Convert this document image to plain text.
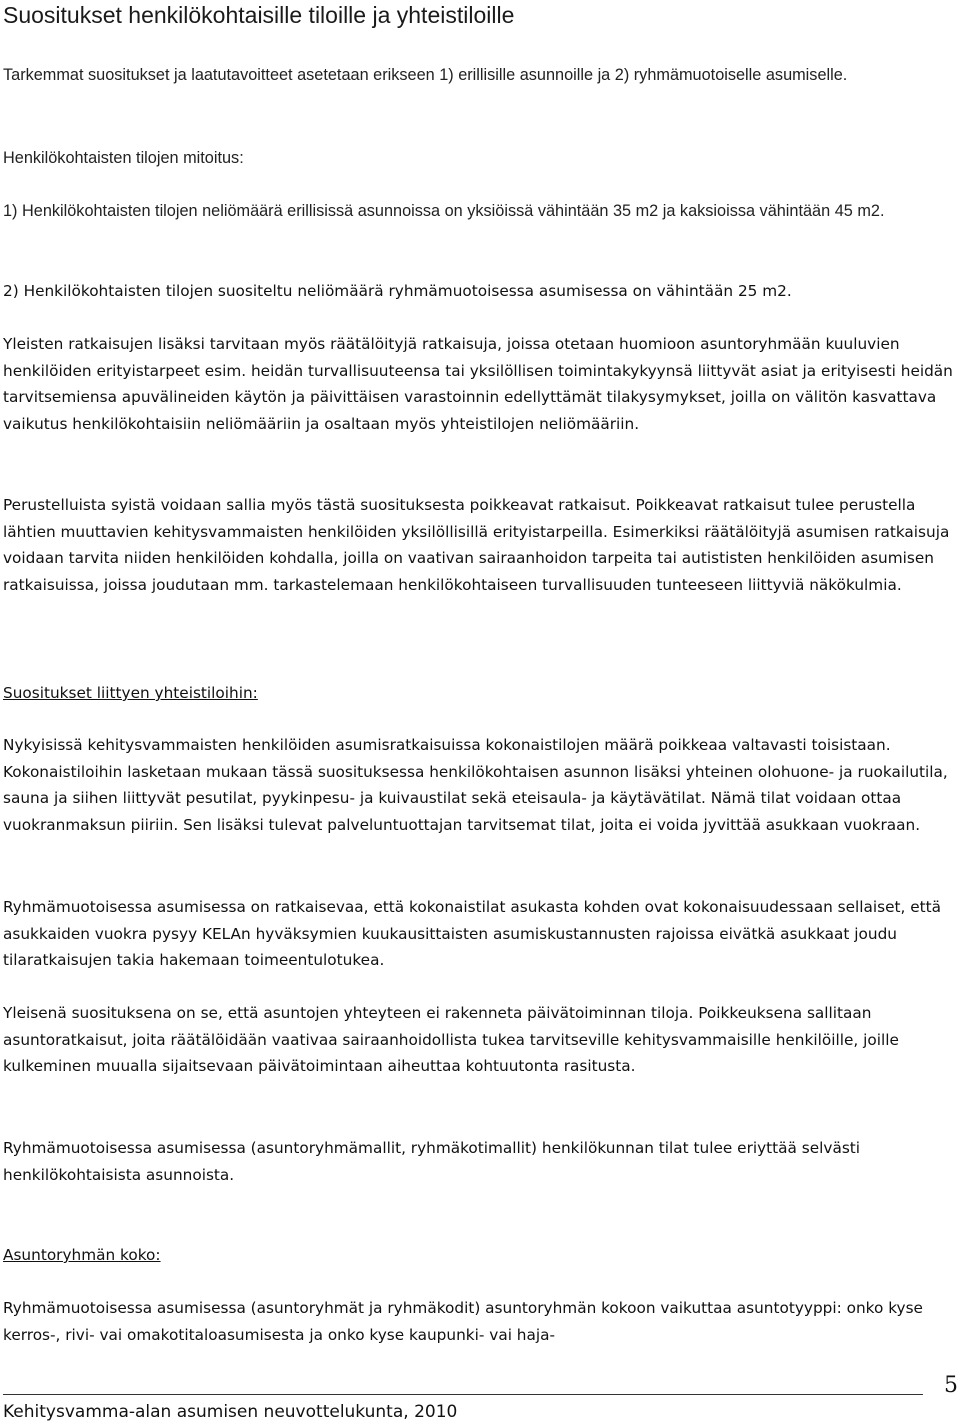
Suositukset henkilökohtaisille tiloille ja yhteistiloille

Tarkemmat suositukset ja laatutavoitteet asetetaan erikseen 1) erillisille asunnoille ja 2) ryhmämuotoiselle asumiselle.

Henkilökohtaisten tilojen mitoitus:

1) Henkilökohtaisten tilojen neliömäärä erillisissä asunnoissa on yksiöissä vähintään 35 m2 ja kaksioissa vähintään 45 m2.

2) Henkilökohtaisten tilojen suositeltu neliömäärä ryhmämuotoisessa asumisessa on vähintään 25 m2.

Yleisten ratkaisujen lisäksi tarvitaan myös räätälöityjä ratkaisuja, joissa otetaan huomioon asuntoryhmään kuuluvien henkilöiden erityistarpeet esim. heidän turvallisuuteensa tai yksilöllisen toimintakykyynsä liittyvät asiat ja erityisesti heidän tarvitsemiensa apuvälineiden käytön ja päivittäisen varastoinnin edellyttämät tilakysymykset, joilla on välitön kasvattava vaikutus henkilökohtaisiin neliömääriin ja osaltaan myös yhteistilojen neliömääriin.

Perustelluista syistä voidaan sallia myös tästä suosituksesta poikkeavat ratkaisut. Poikkeavat ratkaisut tulee perustella lähtien muuttavien kehitysvammaisten henkilöiden yksilöllisillä erityistarpeilla. Esimerkiksi räätälöityjä asumisen ratkaisuja voidaan tarvita niiden henkilöiden kohdalla, joilla on vaativan sairaanhoidon tarpeita tai autististen henkilöiden asumisen ratkaisuissa, joissa joudutaan mm. tarkastelemaan henkilökohtaiseen turvallisuuden tunteeseen liittyviä näkökulmia.

Suositukset liittyen yhteistiloihin:

Nykyisissä kehitysvammaisten henkilöiden asumisratkaisuissa kokonaistilojen määrä poikkeaa valtavasti toisistaan. Kokonaistiloihin lasketaan mukaan tässä suosituksessa henkilökohtaisen asunnon lisäksi yhteinen olohuone- ja ruokailutila, sauna ja siihen liittyvät pesutilat, pyykinpesu- ja kuivaustilat sekä eteisaula- ja käytävätilat. Nämä tilat voidaan ottaa vuokranmaksun piiriin. Sen lisäksi tulevat palveluntuottajan tarvitsemat tilat, joita ei voida jyvittää asukkaan vuokraan.

Ryhmämuotoisessa asumisessa on ratkaisevaa, että kokonaistilat asukasta kohden ovat kokonaisuudessaan sellaiset, että asukkaiden vuokra pysyy KELAn hyväksymien kuukausittaisten asumiskustannusten rajoissa eivätkä asukkaat joudu tilaratkaisujen takia hakemaan toimeentulotukea.

Yleisenä suosituksena on se, että asuntojen yhteyteen ei rakenneta päivätoiminnan tiloja. Poikkeuksena sallitaan asuntoratkaisut, joita räätälöidään vaativaa sairaanhoidollista tukea tarvitseville kehitysvammaisille henkilöille, joille kulkeminen muualla sijaitsevaan päivätoimintaan aiheuttaa kohtuutonta rasitusta.

Ryhmämuotoisessa asumisessa (asuntoryhmämallit, ryhmäkotimallit) henkilökunnan tilat tulee eriyttää selvästi henkilökohtaisista asunnoista.

Asuntoryhmän koko:

Ryhmämuotoisessa asumisessa (asuntoryhmät ja ryhmäkodit) asuntoryhmän kokoon vaikuttaa asuntotyyppi: onko kyse kerros-, rivi- vai omakotitaloasumisesta ja onko kyse kaupunki- vai haja-

Kehitysvamma-alan asumisen neuvottelukunta, 2010
5
